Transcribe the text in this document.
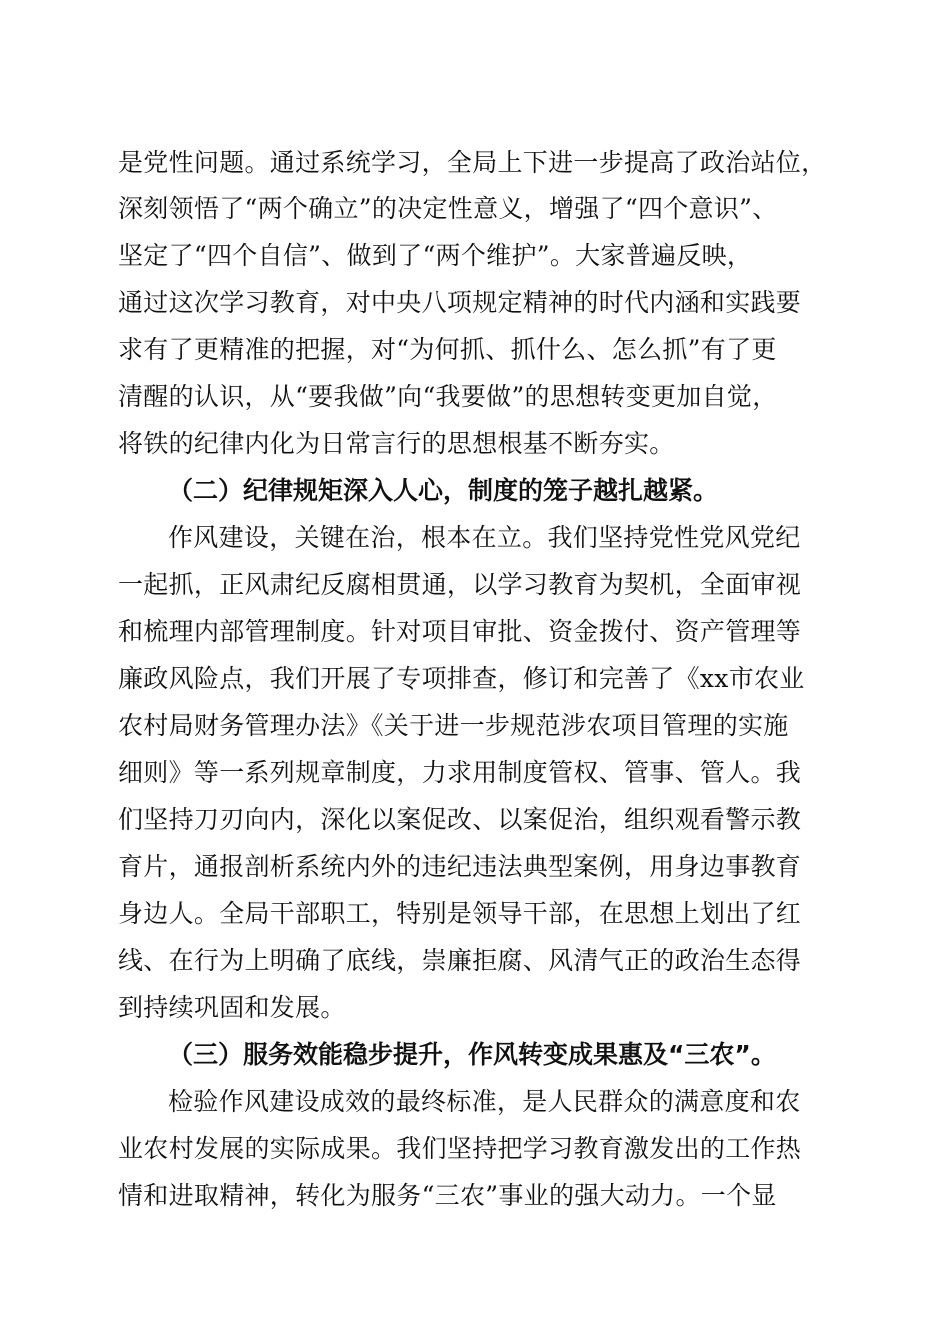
是党性问题。通过系统学习，全局上下进一步提高了政治站位，
深刻领悟了“两个确立”的决定性意义，增强了“四个意识”、
坚定了“四个自信”、做到了“两个维护”。大家普遍反映，
通过这次学习教育，对中央八项规定精神的时代内涵和实践要
求有了更精准的把握，对“为何抓、抓什么、怎么抓”有了更
清醒的认识，从“要我做”向“我要做”的思想转变更加自觉，
将铁的纪律内化为日常言行的思想根基不断夯实。
（二）纪律规矩深入人心，制度的笼子越扎越紧。
作风建设，关键在治，根本在立。我们坚持党性党风党纪
一起抓，正风肃纪反腐相贯通，以学习教育为契机，全面审视
和梳理内部管理制度。针对项目审批、资金拨付、资产管理等
廉政风险点，我们开展了专项排查，修订和完善了《xx市农业
农村局财务管理办法》《关于进一步规范涉农项目管理的实施
细则》等一系列规章制度，力求用制度管权、管事、管人。我
们坚持刀刃向内，深化以案促改、以案促治，组织观看警示教
育片，通报剖析系统内外的违纪违法典型案例，用身边事教育
身边人。全局干部职工，特别是领导干部，在思想上划出了红
线、在行为上明确了底线，崇廉拒腐、风清气正的政治生态得
到持续巩固和发展。
（三）服务效能稳步提升，作风转变成果惠及“三农”。
检验作风建设成效的最终标准，是人民群众的满意度和农
业农村发展的实际成果。我们坚持把学习教育激发出的工作热
情和进取精神，转化为服务“三农”事业的强大动力。一个显
